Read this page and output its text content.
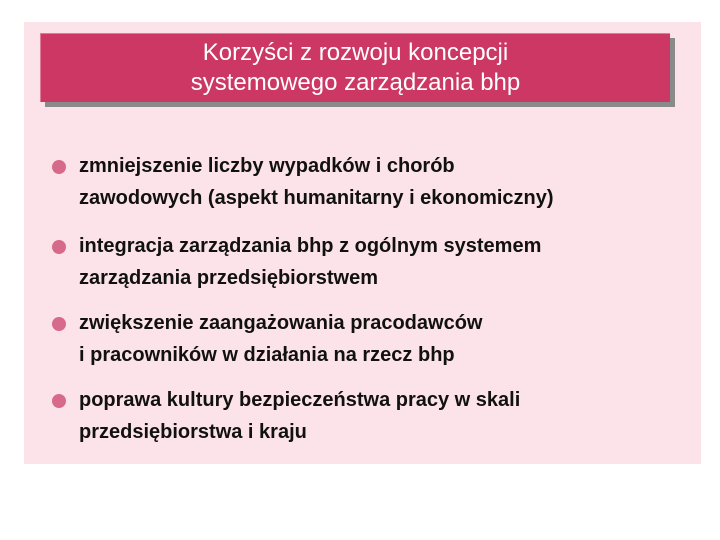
Korzyści z rozwoju koncepcji
systemowego zarządzania bhp
zmniejszenie liczby wypadków i chorób
zawodowych (aspekt humanitarny i ekonomiczny)
integracja zarządzania bhp z ogólnym systemem
zarządzania przedsiębiorstwem
zwiększenie zaangażowania pracodawców
i pracowników w działania na rzecz bhp
poprawa kultury bezpieczeństwa pracy w skali
przedsiębiorstwa i kraju
